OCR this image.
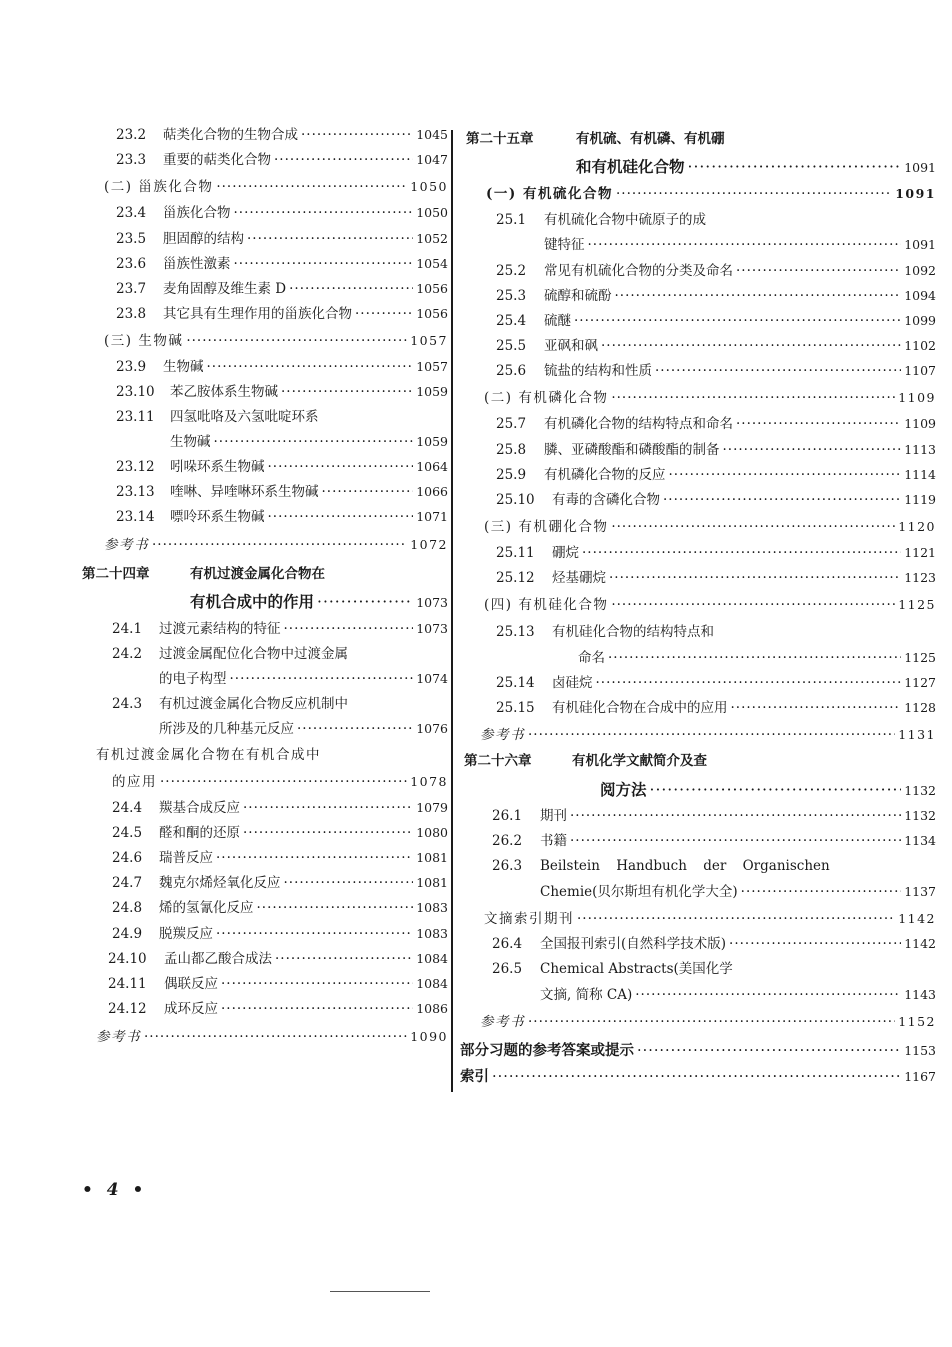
23.2	萜类化合物的生物合成 ·····	1045
23.3	重要的萜类化合物 ·····	1047
(二) 甾族化合物 ·····	1050
23.4	甾族化合物 ·····	1050
23.5	胆固醇的结构 ·····	1052
23.6	甾族性激素 ·····	1054
23.7	麦角固醇及维生素 D ·····	1056
23.8	其它具有生理作用的甾族化合物 ·····	1056
(三) 生物碱 ·····	1057
23.9	生物碱 ·····	1057
23.10	苯乙胺体系生物碱 ·····	1059
23.11 四氢吡咯及六氢吡啶环系
生物碱 ·····	1059
23.12	吲哚环系生物碱 ·····	1064
23.13	喹啉、异喹啉环系生物碱 ·····	1066
23.14	嘌呤环系生物碱 ·····	1071
参考书 ·····	1072
第二十四章	有机过渡金属化合物在
有机合成中的作用 ·····	1073
24.1	过渡元素结构的特征 ·····	1073
24.2 过渡金属配位化合物中过渡金属
的电子构型 ·····	1074
24.3 有机过渡金属化合物反应机制中
所涉及的几种基元反应 ·····	1076
有机过渡金属化合物在有机合成中
的应用 ·····	1078
24.4	羰基合成反应 ·····	1079
24.5	醛和酮的还原 ·····	1080
24.6	瑞普反应 ·····	1081
24.7	魏克尔烯烃氧化反应 ·····	1081
24.8	烯的氢氰化反应 ·····	1083
24.9	脱羰反应 ·····	1083
24.10	孟山都乙酸合成法 ·····	1084
24.11	偶联反应 ·····	1084
24.12	成环反应 ·····	1086
参考书 ·····	1090
第二十五章	有机硫、有机磷、有机硼
和有机硅化合物 ·····	1091
(一) 有机硫化合物 ·····	1091
25.1 有机硫化合物中硫原子的成
键特征 ·····	1091
25.2	常见有机硫化合物的分类及命名 ·····	1092
25.3	硫醇和硫酚 ·····	1094
25.4	硫醚 ·····	1099
25.5	亚砜和砜 ·····	1102
25.6	锍盐的结构和性质 ·····	1107
(二) 有机磷化合物 ·····	1109
25.7	有机磷化合物的结构特点和命名 ·····	1109
25.8	膦、亚磷酸酯和磷酸酯的制备 ·····	1113
25.9	有机磷化合物的反应 ·····	1114
25.10	有毒的含磷化合物 ·····	1119
(三) 有机硼化合物 ·····	1120
25.11	硼烷 ·····	1121
25.12	烃基硼烷 ·····	1123
(四) 有机硅化合物 ·····	1125
25.13 有机硅化合物的结构特点和
命名 ·····	1125
25.14	卤硅烷 ·····	1127
25.15	有机硅化合物在合成中的应用 ·····	1128
参考书 ·····	1131
第二十六章	有机化学文献简介及查
阅方法 ·····	1132
26.1	期刊 ·····	1132
26.2	书籍 ·····	1134
26.3 Beilstein Handbuch der Organischen
Chemie(贝尔斯坦有机化学大全) ·····	1137
文摘索引期刊 ·····	1142
26.4	全国报刊索引(自然科学技术版) ·····	1142
26.5 Chemical Abstracts(美国化学
文摘, 简称 CA) ·····	1143
参考书 ·····	1152
部分习题的参考答案或提示 ·····	1153
索引 ·····	1167
• 4 •
